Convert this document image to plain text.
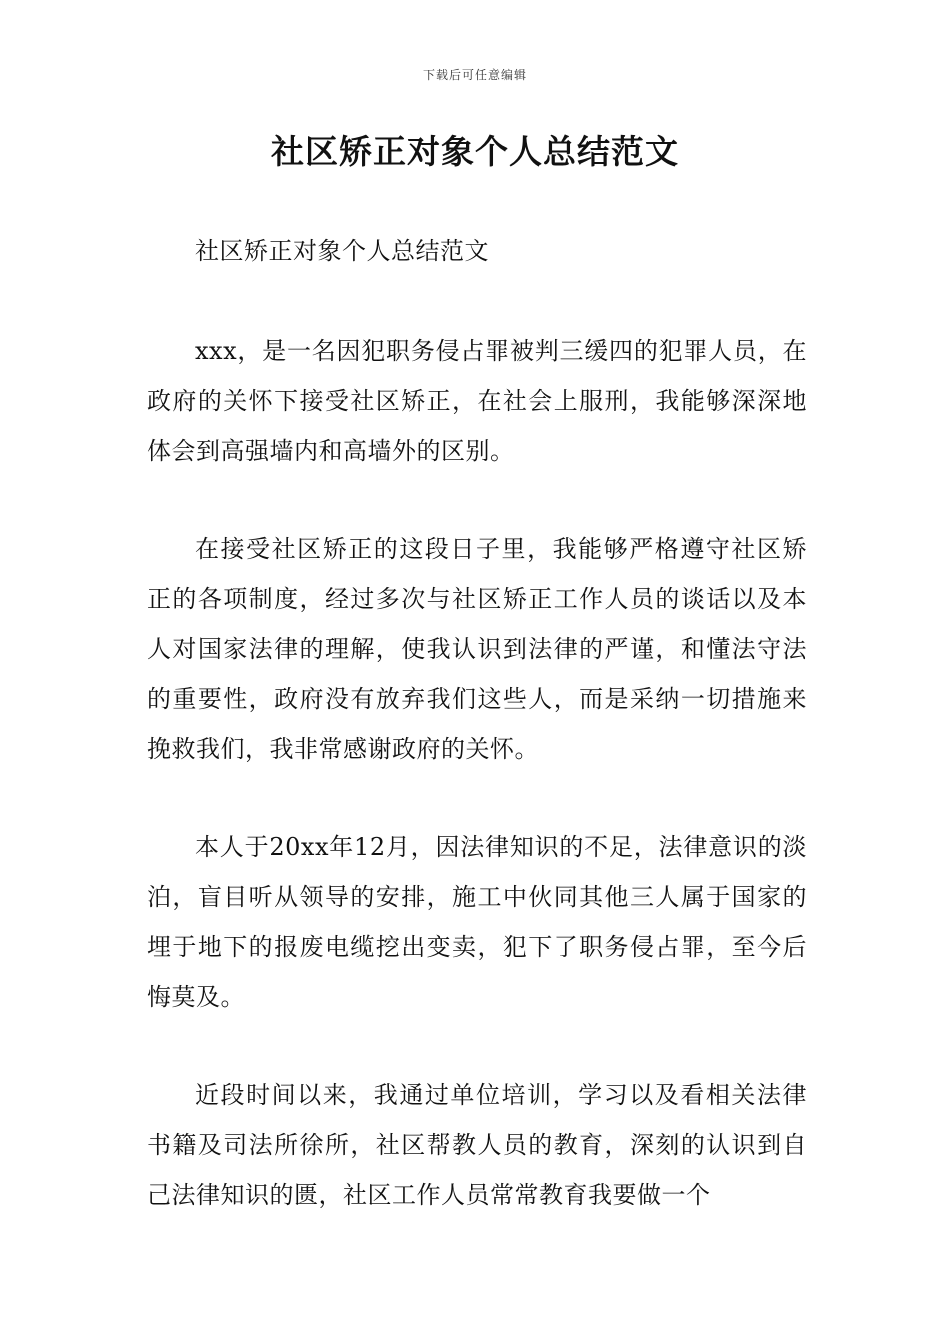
下载后可任意编辑
社区矫正对象个人总结范文

社区矫正对象个人总结范文

xxx，是一名因犯职务侵占罪被判三缓四的犯罪人员，在政府的关怀下接受社区矫正，在社会上服刑，我能够深深地体会到高强墙内和高墙外的区别。

在接受社区矫正的这段日子里，我能够严格遵守社区矫正的各项制度，经过多次与社区矫正工作人员的谈话以及本人对国家法律的理解，使我认识到法律的严谨，和懂法守法的重要性，政府没有放弃我们这些人，而是采纳一切措施来挽救我们，我非常感谢政府的关怀。

本人于20xx年12月，因法律知识的不足，法律意识的淡泊，盲目听从领导的安排，施工中伙同其他三人属于国家的埋于地下的报废电缆挖出变卖，犯下了职务侵占罪，至今后悔莫及。

近段时间以来，我通过单位培训，学习以及看相关法律书籍及司法所徐所，社区帮教人员的教育，深刻的认识到自己法律知识的匮，社区工作人员常常教育我要做一个
